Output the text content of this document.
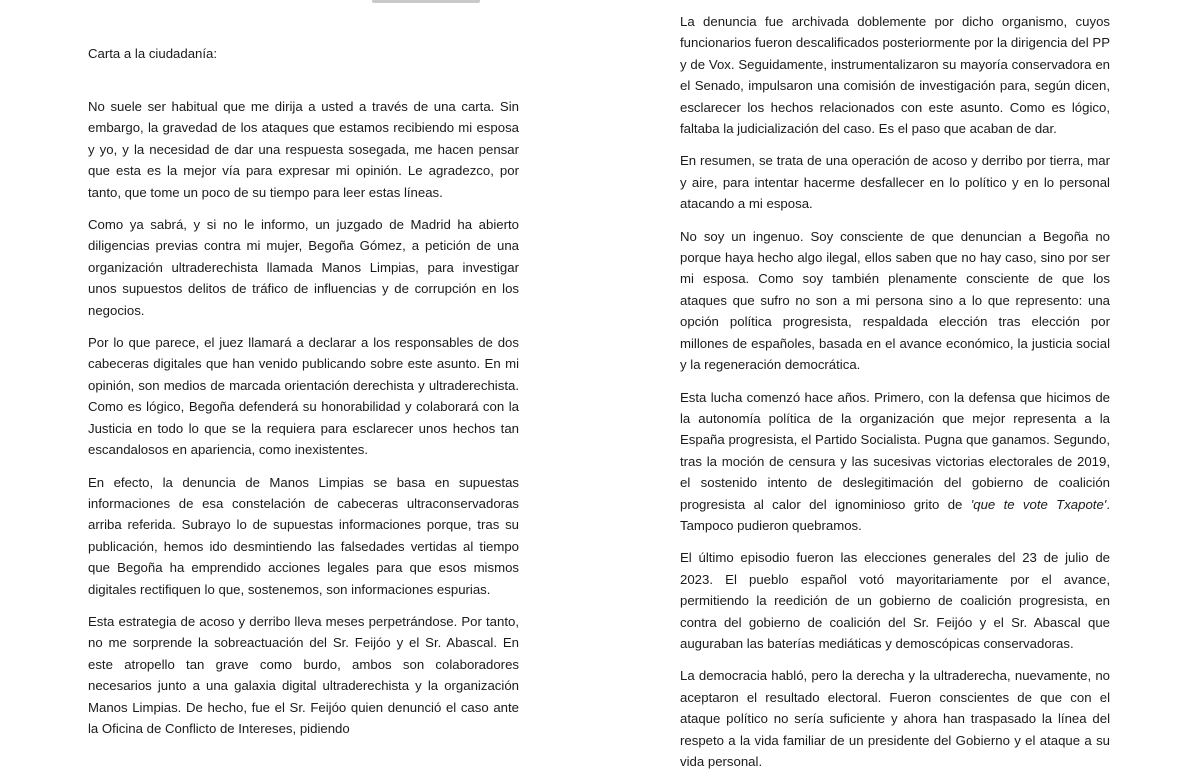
Carta a la ciudadanía:

No suele ser habitual que me dirija a usted a través de una carta. Sin embargo, la gravedad de los ataques que estamos recibiendo mi esposa y yo, y la necesidad de dar una respuesta sosegada, me hacen pensar que esta es la mejor vía para expresar mi opinión. Le agradezco, por tanto, que tome un poco de su tiempo para leer estas líneas.

Como ya sabrá, y si no le informo, un juzgado de Madrid ha abierto diligencias previas contra mi mujer, Begoña Gómez, a petición de una organización ultraderechista llamada Manos Limpias, para investigar unos supuestos delitos de tráfico de influencias y de corrupción en los negocios.

Por lo que parece, el juez llamará a declarar a los responsables de dos cabeceras digitales que han venido publicando sobre este asunto. En mi opinión, son medios de marcada orientación derechista y ultraderechista. Como es lógico, Begoña defenderá su honorabilidad y colaborará con la Justicia en todo lo que se la requiera para esclarecer unos hechos tan escandalosos en apariencia, como inexistentes.

En efecto, la denuncia de Manos Limpias se basa en supuestas informaciones de esa constelación de cabeceras ultraconservadoras arriba referida. Subrayo lo de supuestas informaciones porque, tras su publicación, hemos ido desmintiendo las falsedades vertidas al tiempo que Begoña ha emprendido acciones legales para que esos mismos digitales rectifiquen lo que, sostenemos, son informaciones espurias.

Esta estrategia de acoso y derribo lleva meses perpetrándose. Por tanto, no me sorprende la sobreactuación del Sr. Feijóo y el Sr. Abascal. En este atropello tan grave como burdo, ambos son colaboradores necesarios junto a una galaxia digital ultraderechista y la organización Manos Limpias. De hecho, fue el Sr. Feijóo quien denunció el caso ante la Oficina de Conflicto de Intereses, pidiendo

La denuncia fue archivada doblemente por dicho organismo, cuyos funcionarios fueron descalificados posteriormente por la dirigencia del PP y de Vox. Seguidamente, instrumentalizaron su mayoría conservadora en el Senado, impulsaron una comisión de investigación para, según dicen, esclarecer los hechos relacionados con este asunto. Como es lógico, faltaba la judicialización del caso. Es el paso que acaban de dar.

En resumen, se trata de una operación de acoso y derribo por tierra, mar y aire, para intentar hacerme desfallecer en lo político y en lo personal atacando a mi esposa.

No soy un ingenuo. Soy consciente de que denuncian a Begoña no porque haya hecho algo ilegal, ellos saben que no hay caso, sino por ser mi esposa. Como soy también plenamente consciente de que los ataques que sufro no son a mi persona sino a lo que represento: una opción política progresista, respaldada elección tras elección por millones de españoles, basada en el avance económico, la justicia social y la regeneración democrática.

Esta lucha comenzó hace años. Primero, con la defensa que hicimos de la autonomía política de la organización que mejor representa a la España progresista, el Partido Socialista. Pugna que ganamos. Segundo, tras la moción de censura y las sucesivas victorias electorales de 2019, el sostenido intento de deslegitimación del gobierno de coalición progresista al calor del ignominioso grito de 'que te vote Txapote'. Tampoco pudieron quebramos.

El último episodio fueron las elecciones generales del 23 de julio de 2023. El pueblo español votó mayoritariamente por el avance, permitiendo la reedición de un gobierno de coalición progresista, en contra del gobierno de coalición del Sr. Feijóo y el Sr. Abascal que auguraban las baterías mediáticas y demoscópicas conservadoras.

La democracia habló, pero la derecha y la ultraderecha, nuevamente, no aceptaron el resultado electoral. Fueron conscientes de que con el ataque político no sería suficiente y ahora han traspasado la línea del respeto a la vida familiar de un presidente del Gobierno y el ataque a su vida personal.
